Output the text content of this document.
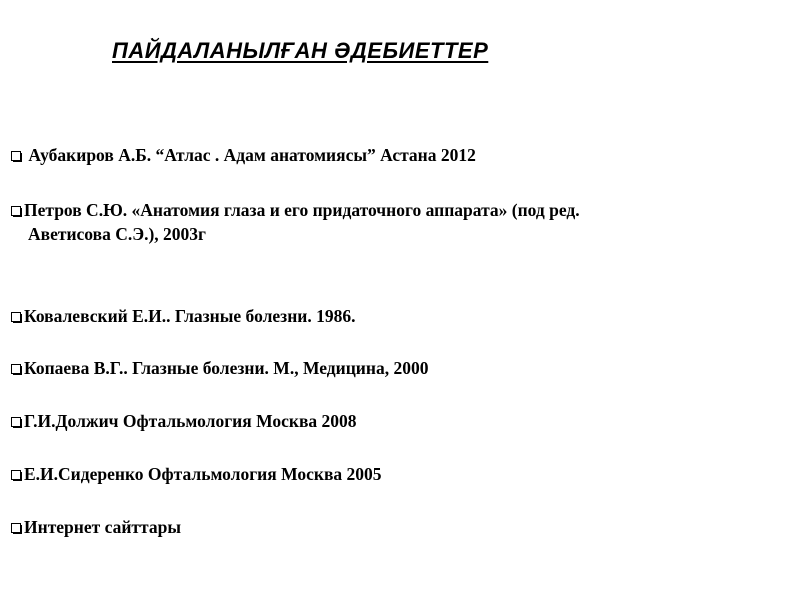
ПАЙДАЛАНЫЛҒАН ӘДЕБИЕТТЕР
Аубакиров А.Б. “Атлас . Адам анатомиясы” Астана 2012
Петров С.Ю. «Анатомия глаза и его придаточного аппарата» (под ред.
Аветисова С.Э.), 2003г
Ковалевский Е.И.. Глазные болезни. 1986.
Копаева В.Г.. Глазные болезни. М., Медицина, 2000
Г.И.Должич Офтальмология Москва 2008
Е.И.Сидеренко Офтальмология Москва 2005
Интернет сайттары
